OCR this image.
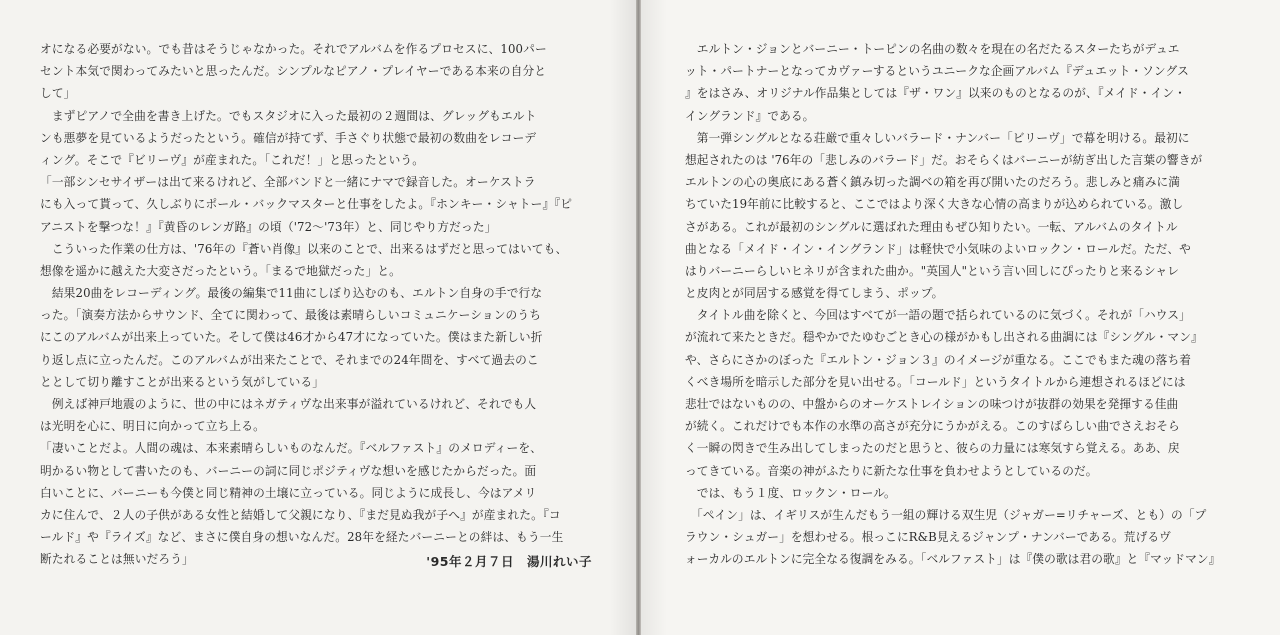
オになる必要がない。でも昔はそうじゃなかった。それでアルバムを作るプロセスに、100パー

セント本気で関わってみたいと思ったんだ。シンプルなピアノ・プレイヤーである本来の自分と

して」

　まずピアノで全曲を書き上げた。でもスタジオに入った最初の２週間は、グレッグもエルト

ンも悪夢を見ているようだったという。確信が持てず、手さぐり状態で最初の数曲をレコーデ

ィング。そこで『ビリーヴ』が産まれた。「これだ！」と思ったという。

「一部シンセサイザーは出て来るけれど、全部バンドと一緒にナマで録音した。オーケストラ

にも入って貰って、久しぶりにポール・バックマスターと仕事をしたよ。『ホンキー・シャトー』『ピ

アニストを撃つな！』『黄昏のレンガ路』の頃（'72〜'73年）と、同じやり方だった」

　こういった作業の仕方は、'76年の『蒼い肖像』以来のことで、出来るはずだと思ってはいても、

想像を遥かに越えた大変さだったという。「まるで地獄だった」と。

　結果20曲をレコーディング。最後の編集で11曲にしぼり込むのも、エルトン自身の手で行な

った。「演奏方法からサウンド、全てに関わって、最後は素晴らしいコミュニケーションのうち

にこのアルバムが出来上っていた。そして僕は46才から47才になっていた。僕はまた新しい折

り返し点に立ったんだ。このアルバムが出来たことで、それまでの24年間を、すべて過去のこ

ととして切り離すことが出来るという気がしている」

　例えば神戸地震のように、世の中にはネガティヴな出来事が溢れているけれど、それでも人

は光明を心に、明日に向かって立ち上る。

「凄いことだよ。人間の魂は、本来素晴らしいものなんだ。『ベルファスト』のメロディーを、

明かるい物として書いたのも、バーニーの詞に同じポジティヴな想いを感じたからだった。面

白いことに、バーニーも今僕と同じ精神の土壌に立っている。同じように成長し、今はアメリ

カに住んで、２人の子供がある女性と結婚して父親になり、『まだ見ぬ我が子へ』が産まれた。『コ

ールド』や『ライズ』など、まさに僕自身の想いなんだ。28年を経たバーニーとの絆は、もう一生

断たれることは無いだろう」	'95年２月７日　湯川れい子

　エルトン・ジョンとバーニー・トーピンの名曲の数々を現在の名だたるスターたちがデュエ

ット・パートナーとなってカヴァーするというユニークな企画アルバム『デュエット・ソングス

』をはさみ、オリジナル作品集としては『ザ・ワン』以来のものとなるのが、『メイド・イン・

イングランド』である。

　第一弾シングルとなる荘厳で重々しいバラード・ナンバー「ビリーヴ」で幕を明ける。最初に

想起されたのは '76年の「悲しみのバラード」だ。おそらくはバーニーが紡ぎ出した言葉の響きが

エルトンの心の奥底にある蒼く鎮み切った調べの箱を再び開いたのだろう。悲しみと痛みに満

ちていた19年前に比較すると、ここではより深く大きな心情の高まりが込められている。激し

さがある。これが最初のシングルに選ばれた理由もぜひ知りたい。一転、アルバムのタイトル

曲となる「メイド・イン・イングランド」は軽快で小気味のよいロックン・ロールだ。ただ、や

はりバーニーらしいヒネリが含まれた曲か。"英国人"という言い回しにぴったりと来るシャレ

と皮肉とが同居する感覚を得てしまう、ポップ。

　タイトル曲を除くと、今回はすべてが一語の題で括られているのに気づく。それが「ハウス」

が流れて来たときだ。穏やかでたゆむごとき心の様がかもし出される曲調には『シングル・マン』

や、さらにさかのぼった『エルトン・ジョン３』のイメージが重なる。ここでもまた魂の落ち着

くべき場所を暗示した部分を見い出せる。「コールド」というタイトルから連想されるほどには

悲壮ではないものの、中盤からのオーケストレイションの味つけが抜群の効果を発揮する佳曲

が続く。これだけでも本作の水準の高さが充分にうかがえる。このすばらしい曲でさえおそら

く一瞬の閃きで生み出してしまったのだと思うと、彼らの力量には寒気すら覚える。ああ、戻

ってきている。音楽の神がふたりに新たな仕事を負わせようとしているのだ。

　では、もう１度、ロックン・ロール。

　「ペイン」は、イギリスが生んだもう一組の輝ける双生児（ジャガー=リチャーズ、とも）の「プ

ラウン・シュガー」を想わせる。根っこにR&B見えるジャンプ・ナンバーである。荒げるヴ

ォーカルのエルトンに完全なる復調をみる。「ベルファスト」は『僕の歌は君の歌』と『マッドマン』
